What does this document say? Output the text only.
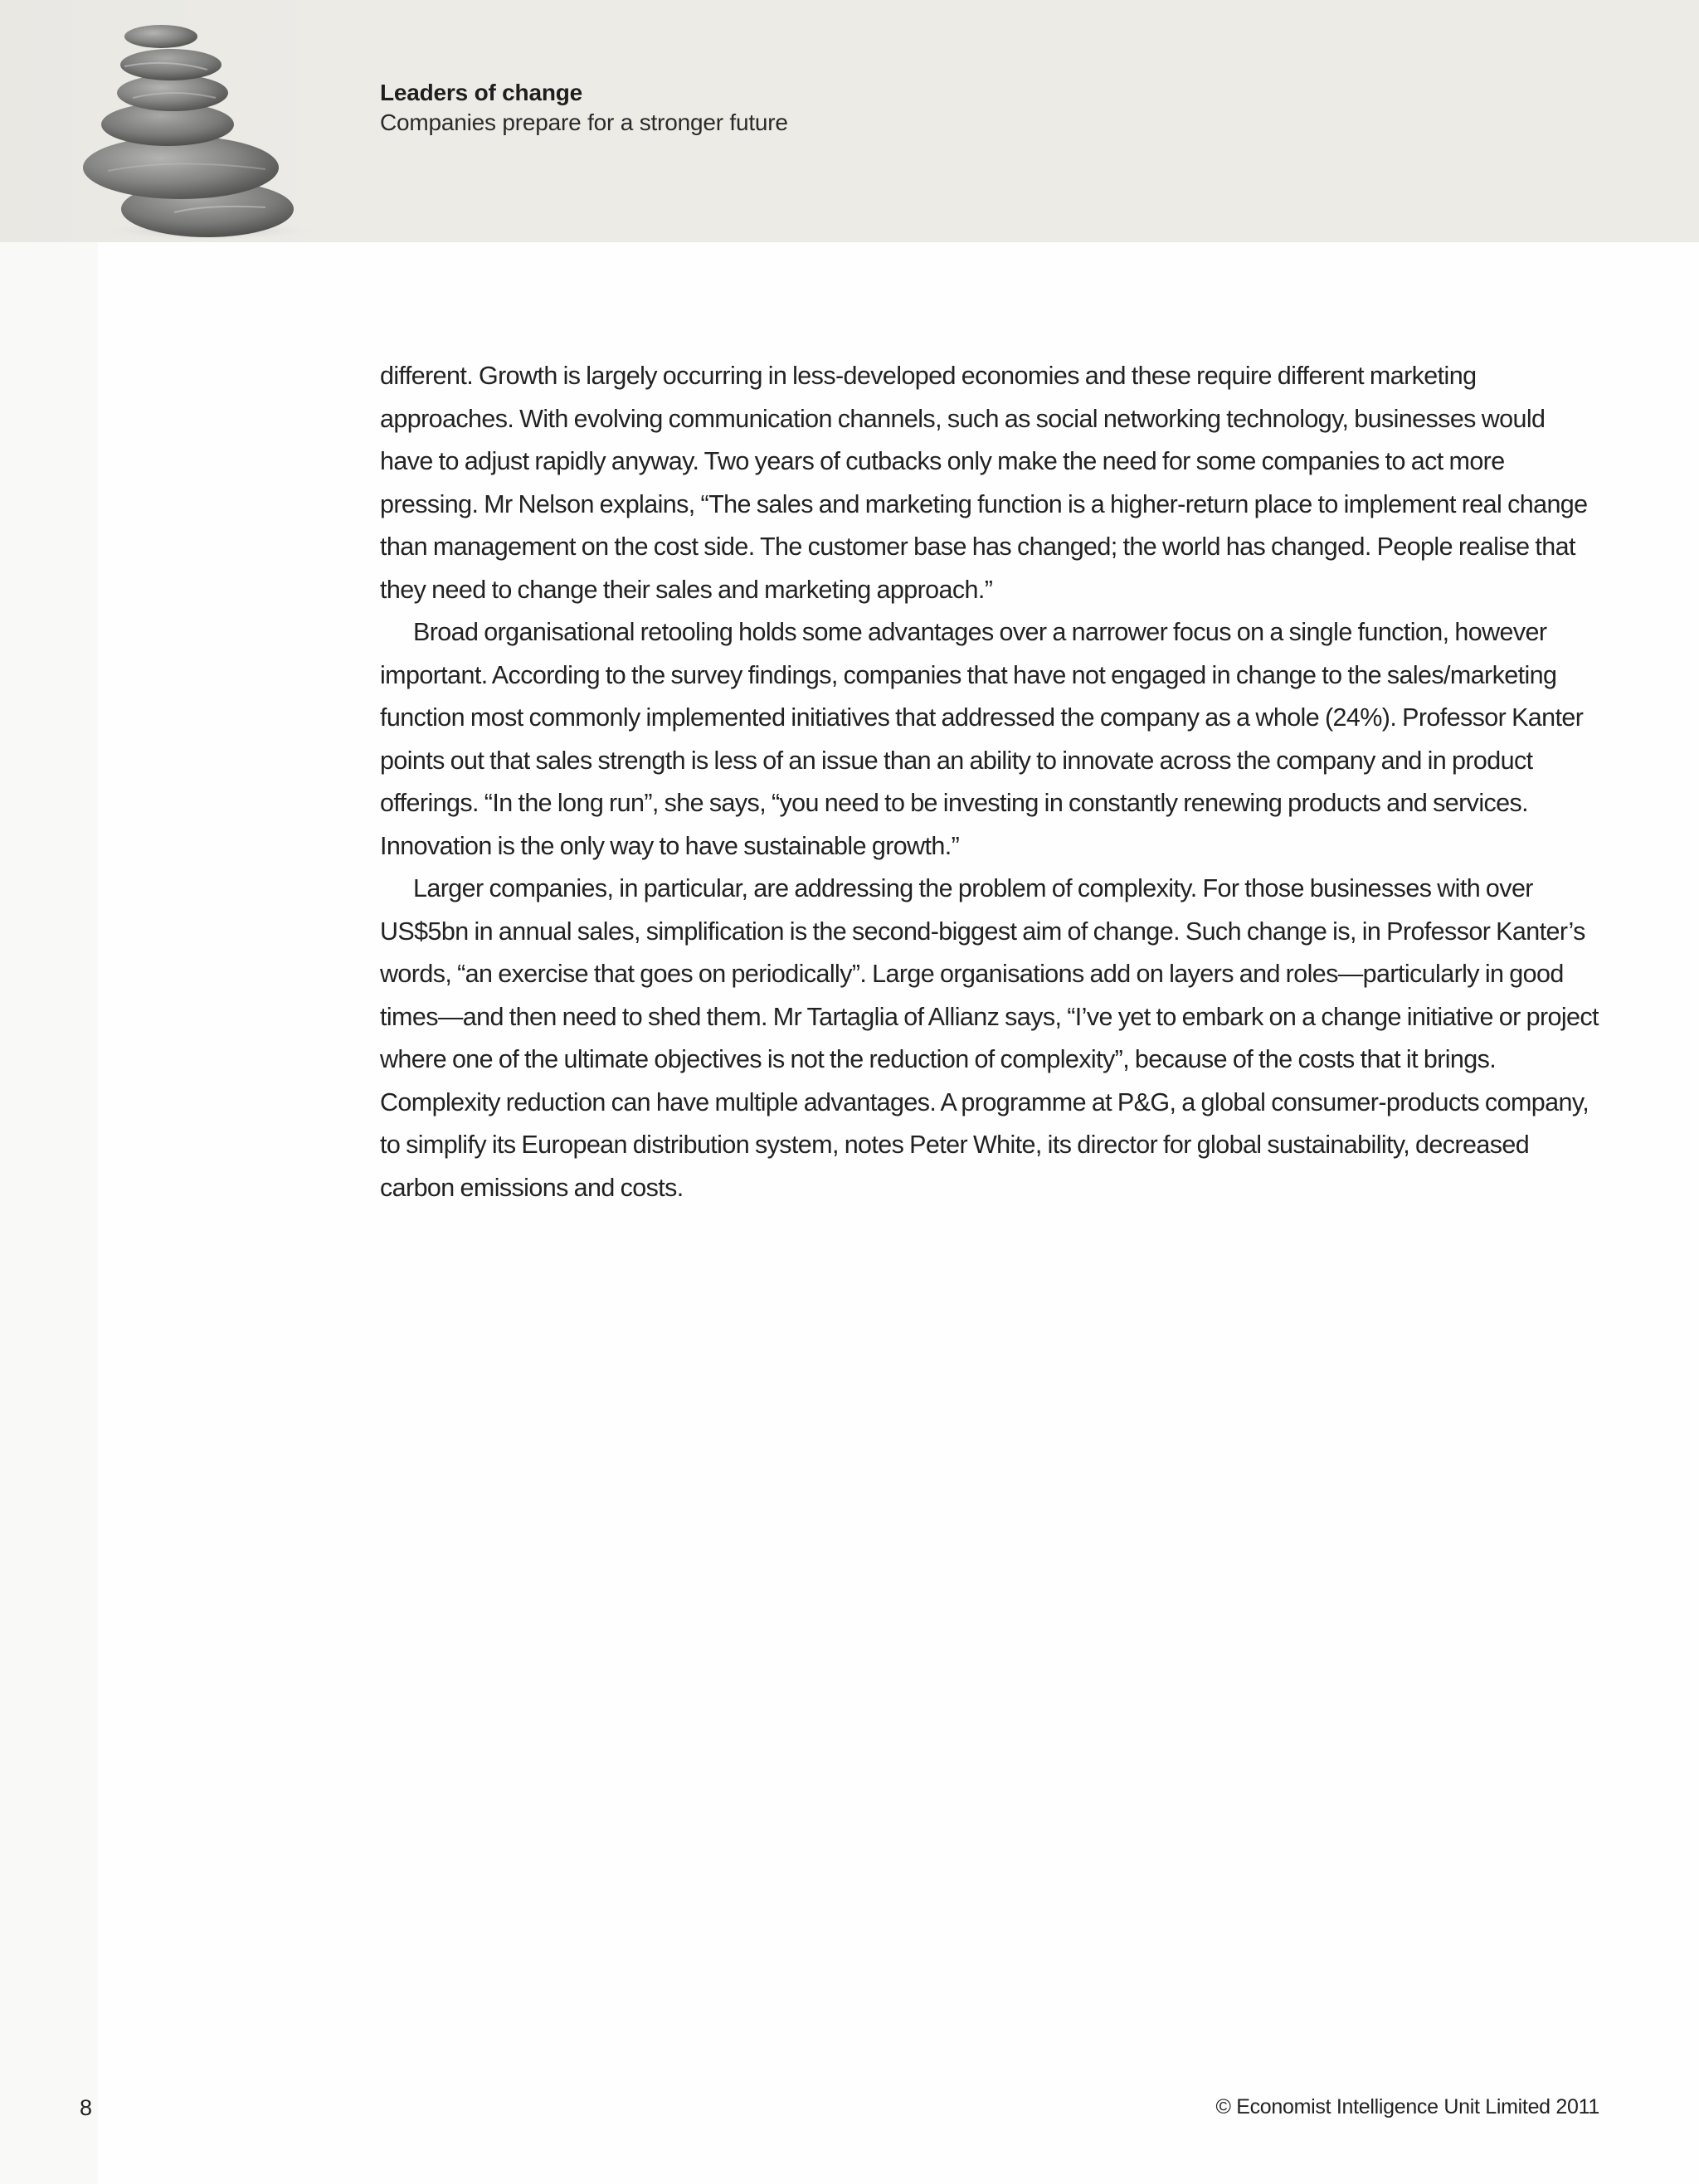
Leaders of change
Companies prepare for a stronger future

different. Growth is largely occurring in less-developed economies and these require different marketing approaches. With evolving communication channels, such as social networking technology, businesses would have to adjust rapidly anyway. Two years of cutbacks only make the need for some companies to act more pressing. Mr Nelson explains, “The sales and marketing function is a higher-return place to implement real change than management on the cost side. The customer base has changed; the world has changed. People realise that they need to change their sales and marketing approach.”

Broad organisational retooling holds some advantages over a narrower focus on a single function, however important. According to the survey findings, companies that have not engaged in change to the sales/marketing function most commonly implemented initiatives that addressed the company as a whole (24%). Professor Kanter points out that sales strength is less of an issue than an ability to innovate across the company and in product offerings. “In the long run”, she says, “you need to be investing in constantly renewing products and services. Innovation is the only way to have sustainable growth.”

Larger companies, in particular, are addressing the problem of complexity. For those businesses with over US$5bn in annual sales, simplification is the second-biggest aim of change. Such change is, in Professor Kanter’s words, “an exercise that goes on periodically”. Large organisations add on layers and roles—particularly in good times—and then need to shed them. Mr Tartaglia of Allianz says, “I’ve yet to embark on a change initiative or project where one of the ultimate objectives is not the reduction of complexity”, because of the costs that it brings. Complexity reduction can have multiple advantages. A programme at P&G, a global consumer-products company, to simplify its European distribution system, notes Peter White, its director for global sustainability, decreased carbon emissions and costs.

8	© Economist Intelligence Unit Limited 2011
